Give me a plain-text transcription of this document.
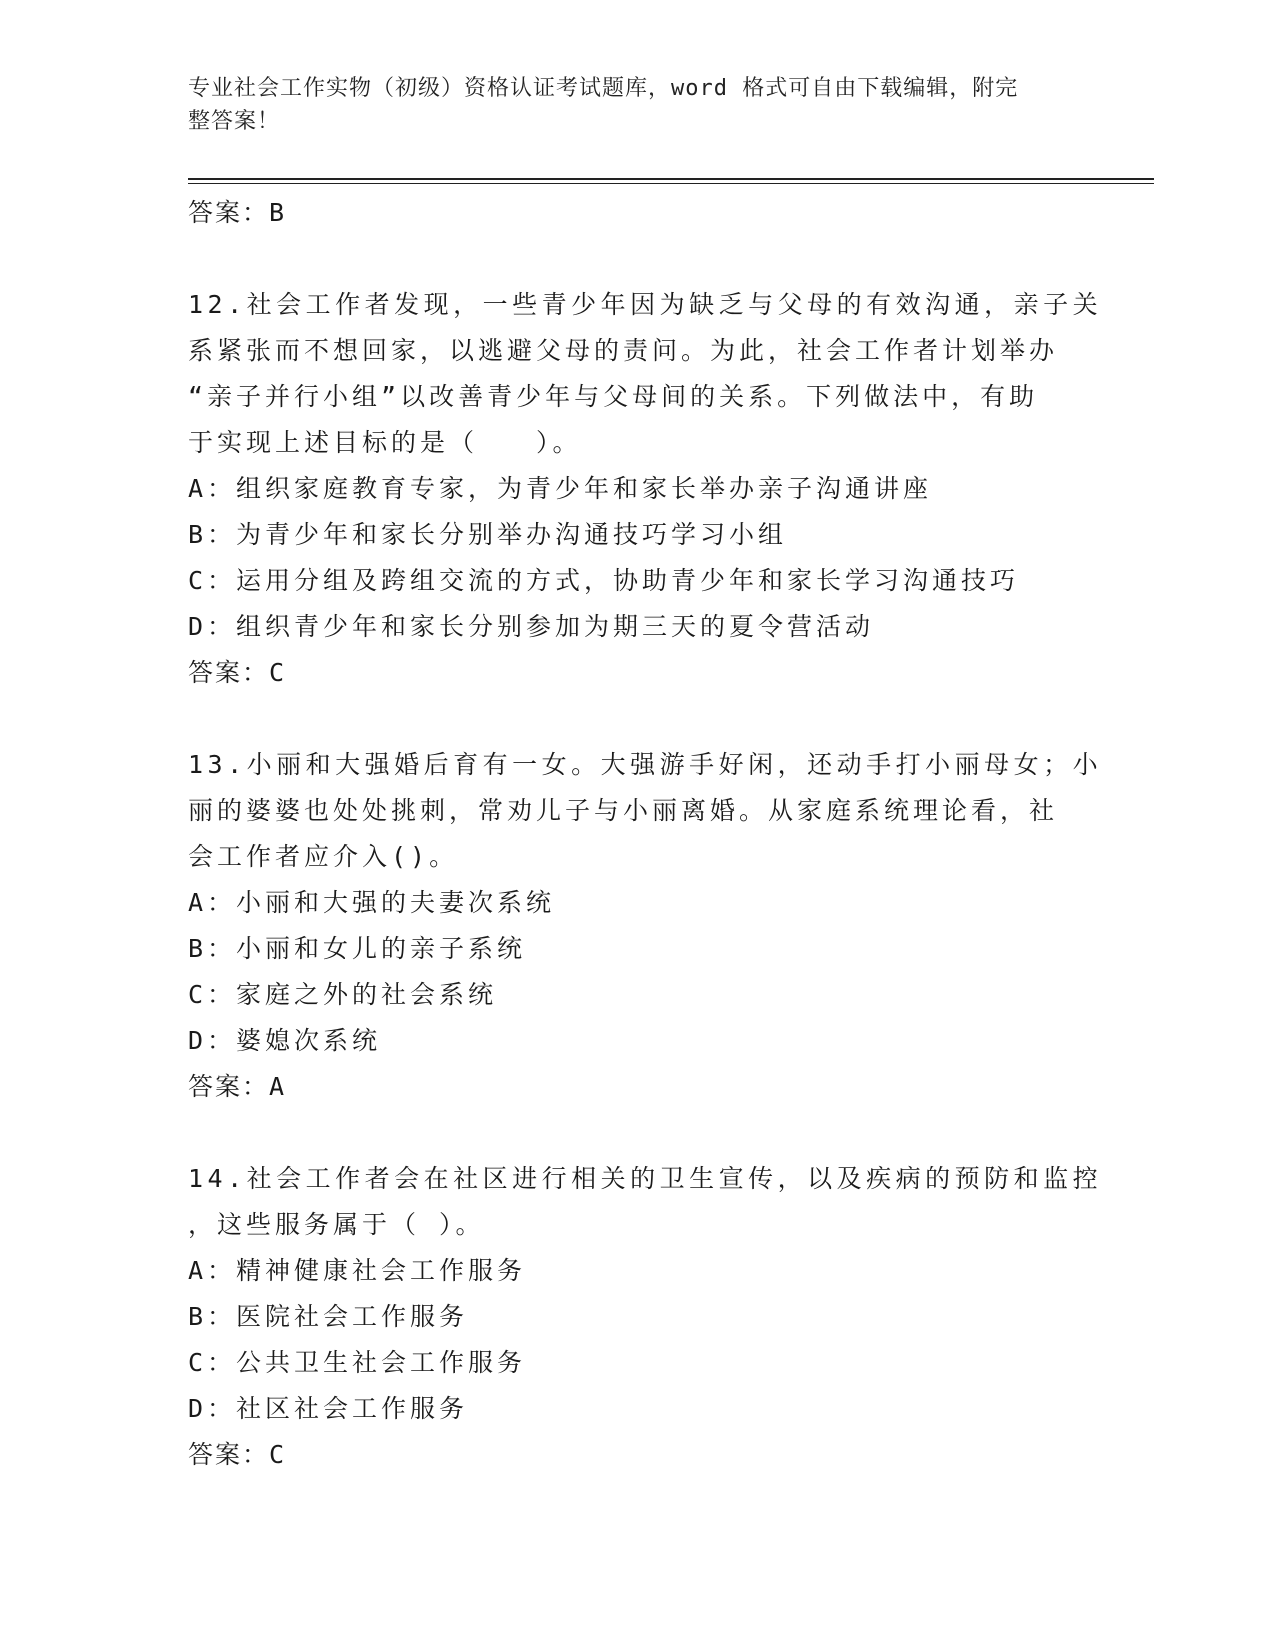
专业社会工作实物（初级）资格认证考试题库，word 格式可自由下载编辑，附完
整答案！
答案：B
12.社会工作者发现，一些青少年因为缺乏与父母的有效沟通，亲子关
系紧张而不想回家，以逃避父母的责问。为此，社会工作者计划举办
“亲子并行小组”以改善青少年与父母间的关系。下列做法中，有助
于实现上述目标的是（　　）。
A：组织家庭教育专家，为青少年和家长举办亲子沟通讲座
B：为青少年和家长分别举办沟通技巧学习小组
C：运用分组及跨组交流的方式，协助青少年和家长学习沟通技巧
D：组织青少年和家长分别参加为期三天的夏令营活动
答案：C
13.小丽和大强婚后育有一女。大强游手好闲，还动手打小丽母女；小
丽的婆婆也处处挑刺，常劝儿子与小丽离婚。从家庭系统理论看，社
会工作者应介入()。
A：小丽和大强的夫妻次系统
B：小丽和女儿的亲子系统
C：家庭之外的社会系统
D：婆媳次系统
答案：A
14.社会工作者会在社区进行相关的卫生宣传，以及疾病的预防和监控
，这些服务属于（ ）。
A：精神健康社会工作服务
B：医院社会工作服务
C：公共卫生社会工作服务
D：社区社会工作服务
答案：C
